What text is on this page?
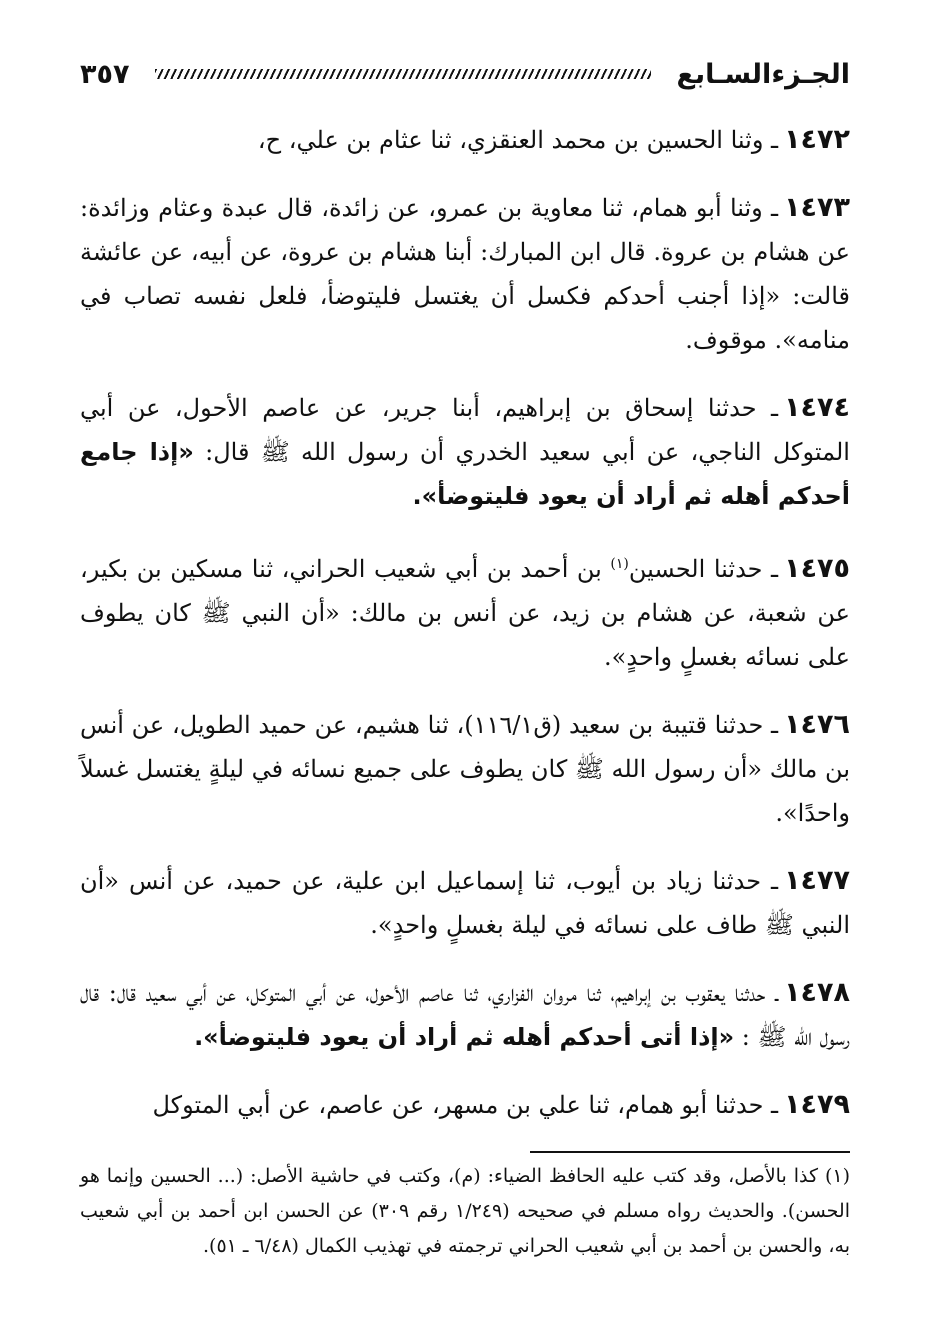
الجـزءالسـابع
٣٥٧

١٤٧٢ـ وثنا الحسين بن محمد العنقزي، ثنا عثام بن علي، ح،

١٤٧٣ـ وثنا أبو همام، ثنا معاوية بن عمرو، عن زائدة، قال عبدة وعثام وزائدة: عن هشام بن عروة. قال ابن المبارك: أبنا هشام بن عروة، عن أبيه، عن عائشة قالت: «إذا أجنب أحدكم فكسل أن يغتسل فليتوضأ، فلعل نفسه تصاب في منامه». موقوف.

١٤٧٤ـ حدثنا إسحاق بن إبراهيم، أبنا جرير، عن عاصم الأحول، عن أبي المتوكل الناجي، عن أبي سعيد الخدري أن رسول الله ﷺ قال: «إذا جامع أحدكم أهله ثم أراد أن يعود فليتوضأ».

١٤٧٥ـ حدثنا الحسين$^{(١)}$ بن أحمد بن أبي شعيب الحراني، ثنا مسكين بن بكير، عن شعبة، عن هشام بن زيد، عن أنس بن مالك: «أن النبي ﷺ كان يطوف على نسائه بغسلٍ واحدٍ».

١٤٧٦ـ حدثنا قتيبة بن سعيد (ق١١٦/١)، ثنا هشيم، عن حميد الطويل، عن أنس بن مالك «أن رسول الله ﷺ كان يطوف على جميع نسائه في ليلةٍ يغتسل غسلاً واحدًا».

١٤٧٧ـ حدثنا زياد بن أيوب، ثنا إسماعيل ابن علية، عن حميد، عن أنس «أن النبي ﷺ طاف على نسائه في ليلة بغسلٍ واحدٍ».

١٤٧٨ـ حدثنا يعقوب بن إبراهيم، ثنا مروان الفزاري، ثنا عاصم الأحول، عن أبي المتوكل، عن أبي سعيد قال: قال رسول الله ﷺ : «إذا أتى أحدكم أهله ثم أراد أن يعود فليتوضأ».

١٤٧٩ـ حدثنا أبو همام، ثنا علي بن مسهر، عن عاصم، عن أبي المتوكل

(١) كذا بالأصل، وقد كتب عليه الحافظ الضياء: (م)، وكتب في حاشية الأصل: (... الحسين وإنما هو الحسن). والحديث رواه مسلم في صحيحه (١/٢٤٩ رقم ٣٠٩) عن الحسن ابن أحمد بن أبي شعيب به، والحسن بن أحمد بن أبي شعيب الحراني ترجمته في تهذيب الكمال (٦/٤٨ ـ ٥١).
